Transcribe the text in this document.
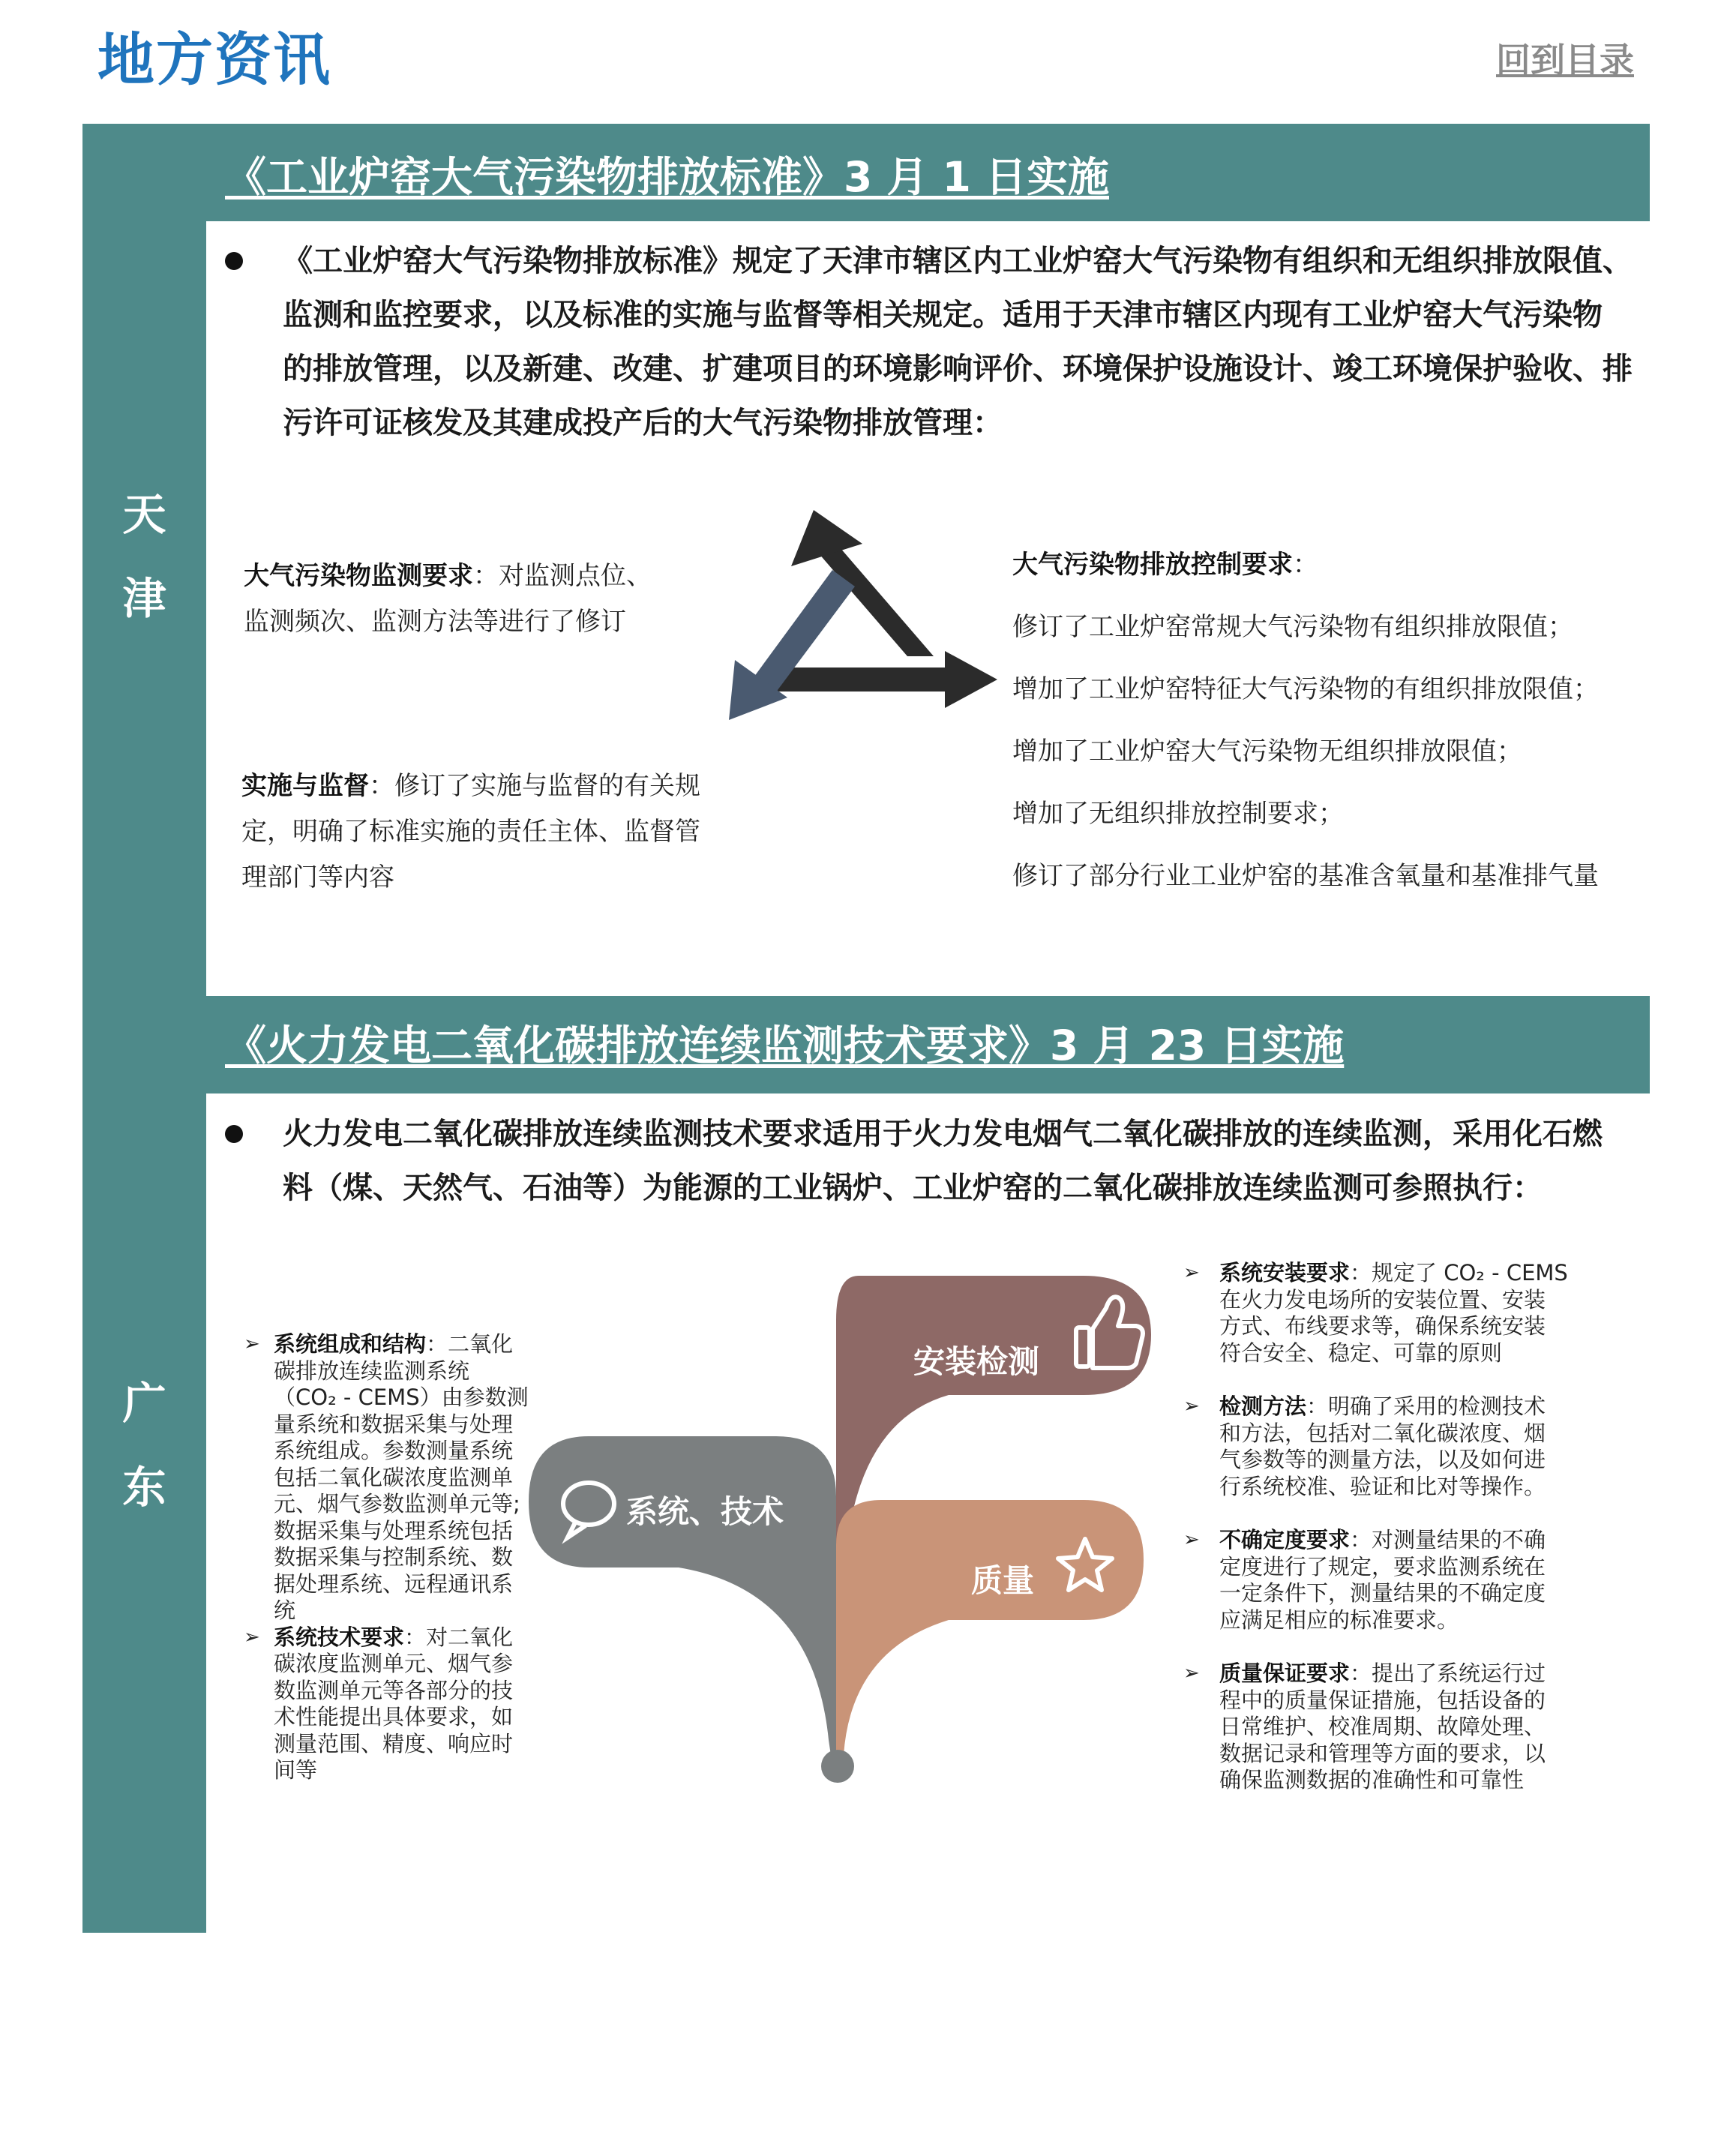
地方资讯	回到目录
天
津
广
东
《工业炉窑大气污染物排放标准》3 月 1 日实施
《工业炉窑大气污染物排放标准》规定了天津市辖区内工业炉窑大气污染物有组织和无组织排放限值、
监测和监控要求，以及标准的实施与监督等相关规定。适用于天津市辖区内现有工业炉窑大气污染物
的排放管理，以及新建、改建、扩建项目的环境影响评价、环境保护设施设计、竣工环境保护验收、排
污许可证核发及其建成投产后的大气污染物排放管理：
大气污染物监测要求：对监测点位、
监测频次、监测方法等进行了修订
实施与监督：修订了实施与监督的有关规
定，明确了标准实施的责任主体、监督管
理部门等内容
大气污染物排放控制要求：
修订了工业炉窑常规大气污染物有组织排放限值；
增加了工业炉窑特征大气污染物的有组织排放限值；
增加了工业炉窑大气污染物无组织排放限值；
增加了无组织排放控制要求；
修订了部分行业工业炉窑的基准含氧量和基准排气量
《火力发电二氧化碳排放连续监测技术要求》3 月 23 日实施
火力发电二氧化碳排放连续监测技术要求适用于火力发电烟气二氧化碳排放的连续监测，采用化石燃
料（煤、天然气、石油等）为能源的工业锅炉、工业炉窑的二氧化碳排放连续监测可参照执行：
➢ 系统组成和结构：二氧化
碳排放连续监测系统
（CO₂ - CEMS）由参数测
量系统和数据采集与处理
系统组成。参数测量系统
包括二氧化碳浓度监测单
元、烟气参数监测单元等;
数据采集与处理系统包括
数据采集与控制系统、数
据处理系统、远程通讯系
统
➢ 系统技术要求：对二氧化
碳浓度监测单元、烟气参
数监测单元等各部分的技
术性能提出具体要求，如
测量范围、精度、响应时
间等
安装检测
系统、技术
质量
➢ 系统安装要求：规定了 CO₂ - CEMS
在火力发电场所的安装位置、安装
方式、布线要求等，确保系统安装
符合安全、稳定、可靠的原则
➢ 检测方法：明确了采用的检测技术
和方法，包括对二氧化碳浓度、烟
气参数等的测量方法，以及如何进
行系统校准、验证和比对等操作。
➢ 不确定度要求：对测量结果的不确
定度进行了规定，要求监测系统在
一定条件下，测量结果的不确定度
应满足相应的标准要求。
➢ 质量保证要求：提出了系统运行过
程中的质量保证措施，包括设备的
日常维护、校准周期、故障处理、
数据记录和管理等方面的要求，以
确保监测数据的准确性和可靠性
